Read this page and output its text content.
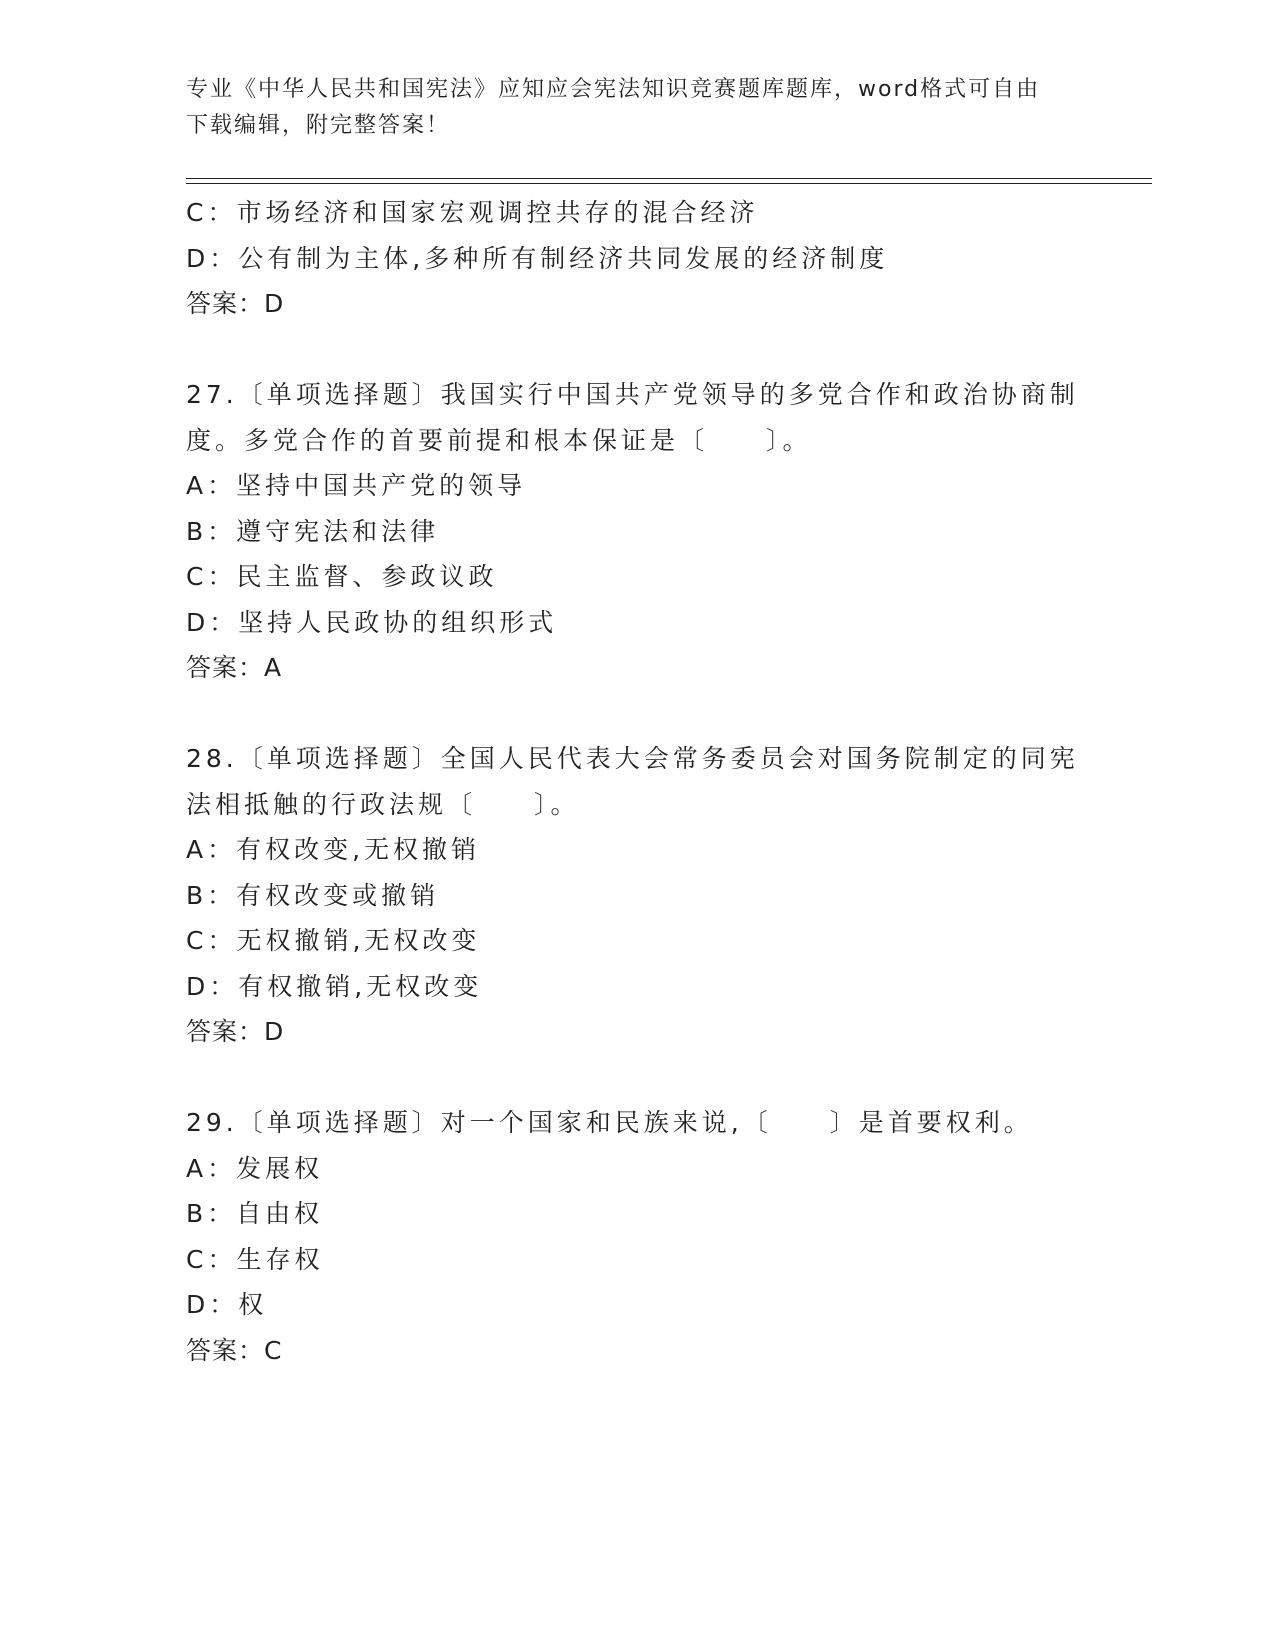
专业《中华人民共和国宪法》应知应会宪法知识竞赛题库题库，word格式可自由
下载编辑，附完整答案！
C：市场经济和国家宏观调控共存的混合经济
D：公有制为主体,多种所有制经济共同发展的经济制度
答案：D
27.〔单项选择题〕我国实行中国共产党领导的多党合作和政治协商制
度。多党合作的首要前提和根本保证是〔　　〕。
A：坚持中国共产党的领导
B：遵守宪法和法律
C：民主监督、参政议政
D：坚持人民政协的组织形式
答案：A
28.〔单项选择题〕全国人民代表大会常务委员会对国务院制定的同宪
法相抵触的行政法规〔　　〕。
A：有权改变,无权撤销
B：有权改变或撤销
C：无权撤销,无权改变
D：有权撤销,无权改变
答案：D
29.〔单项选择题〕对一个国家和民族来说,〔　　〕是首要权利。
A：发展权
B：自由权
C：生存权
D：权
答案：C
